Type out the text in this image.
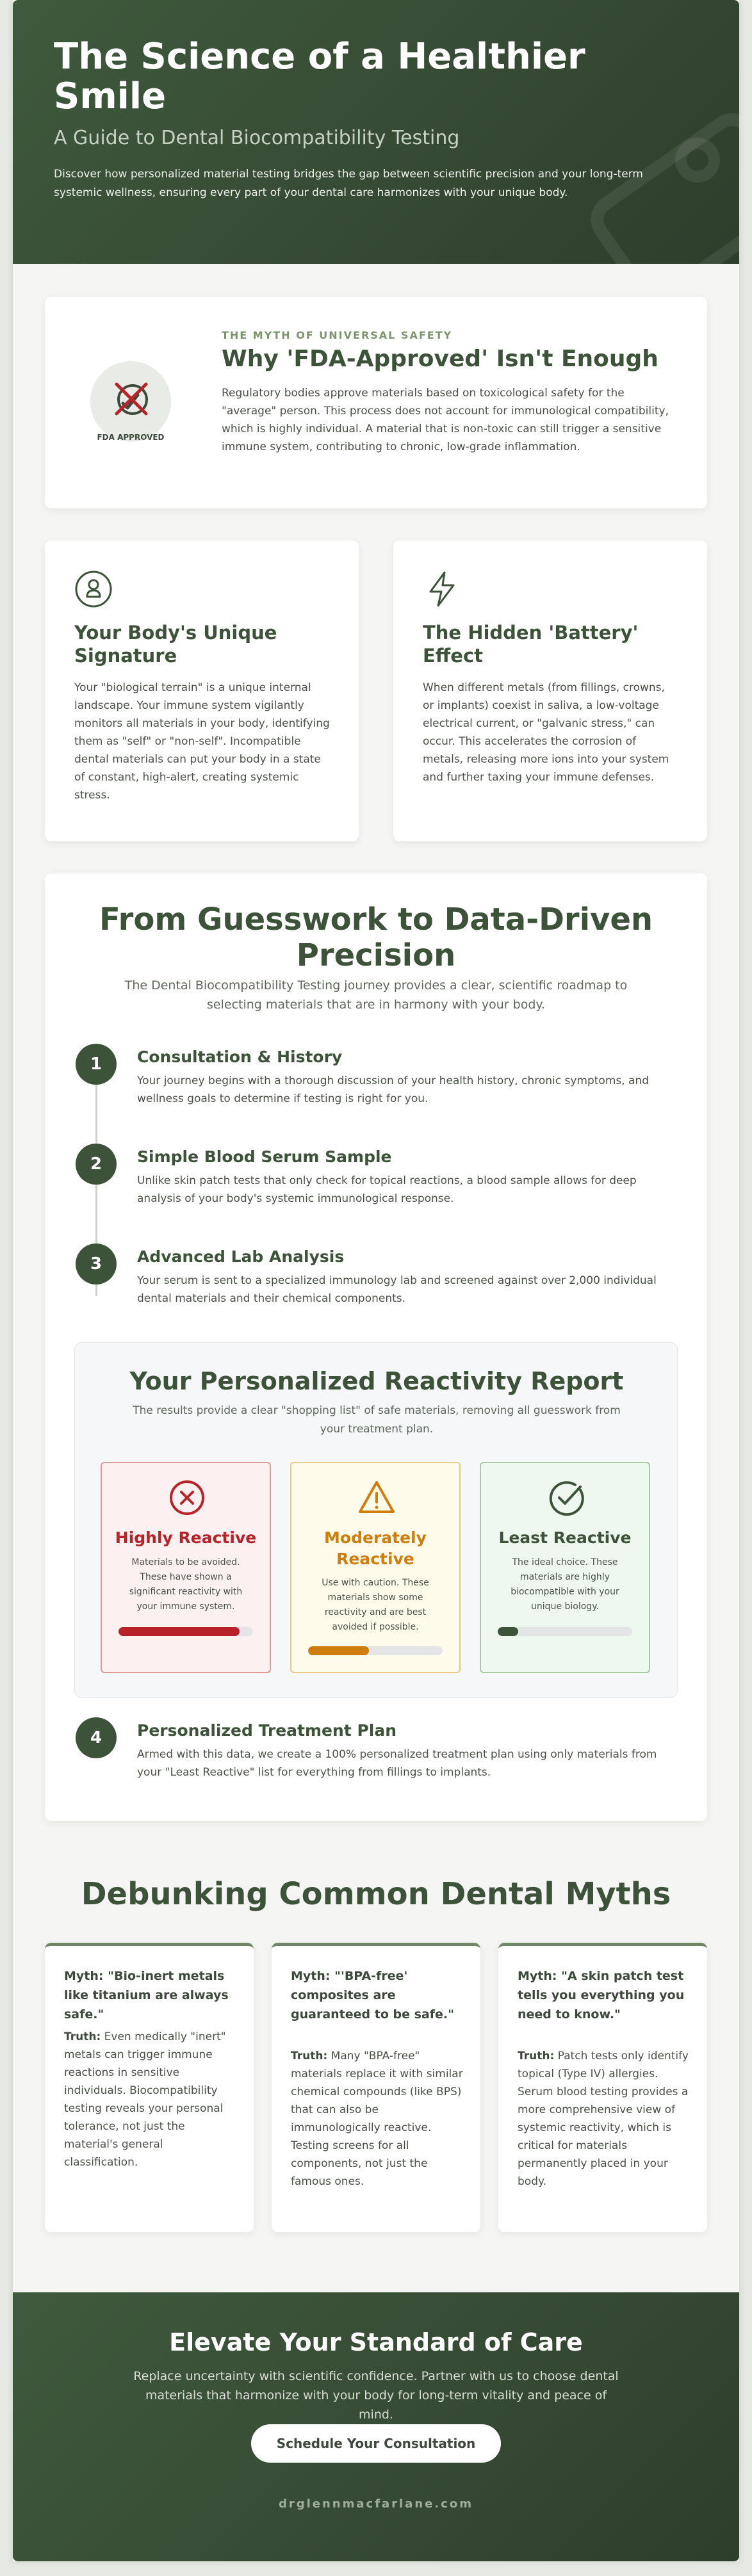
The Science of a Healthier Smile
A Guide to Dental Biocompatibility Testing

Discover how personalized material testing bridges the gap between scientific precision and your long-term systemic wellness, ensuring every part of your dental care harmonizes with your unique body.

FDA APPROVED
THE MYTH OF UNIVERSAL SAFETY
Why 'FDA-Approved' Isn't Enough

Regulatory bodies approve materials based on toxicological safety for the "average" person. This process does not account for immunological compatibility, which is highly individual. A material that is non-toxic can still trigger a sensitive immune system, contributing to chronic, low-grade inflammation.

Your Body's Unique Signature

Your "biological terrain" is a unique internal landscape. Your immune system vigilantly monitors all materials in your body, identifying them as "self" or "non-self". Incompatible dental materials can put your body in a state of constant, high-alert, creating systemic stress.

The Hidden 'Battery' Effect

When different metals (from fillings, crowns, or implants) coexist in saliva, a low-voltage electrical current, or "galvanic stress," can occur. This accelerates the corrosion of metals, releasing more ions into your system and further taxing your immune defenses.

From Guesswork to Data-Driven Precision

The Dental Biocompatibility Testing journey provides a clear, scientific roadmap to selecting materials that are in harmony with your body.

1	Consultation & History

Your journey begins with a thorough discussion of your health history, chronic symptoms, and wellness goals to determine if testing is right for you.

2	Simple Blood Serum Sample

Unlike skin patch tests that only check for topical reactions, a blood sample allows for deep analysis of your body's systemic immunological response.

3	Advanced Lab Analysis

Your serum is sent to a specialized immunology lab and screened against over 2,000 individual dental materials and their chemical components.

Your Personalized Reactivity Report

The results provide a clear "shopping list" of safe materials, removing all guesswork from your treatment plan.

Highly Reactive

Materials to be avoided. These have shown a significant reactivity with your immune system.

Moderately Reactive

Use with caution. These materials show some reactivity and are best avoided if possible.

Least Reactive

The ideal choice. These materials are highly biocompatible with your unique biology.

4	Personalized Treatment Plan

Armed with this data, we create a 100% personalized treatment plan using only materials from your "Least Reactive" list for everything from fillings to implants.

Debunking Common Dental Myths
Myth: "Bio-inert metals like titanium are always safe."

Truth: Even medically "inert" metals can trigger immune reactions in sensitive individuals. Biocompatibility testing reveals your personal tolerance, not just the material's general classification.

Myth: "'BPA-free' composites are guaranteed to be safe."

Truth: Many "BPA-free" materials replace it with similar chemical compounds (like BPS) that can also be immunologically reactive. Testing screens for all components, not just the famous ones.

Myth: "A skin patch test tells you everything you need to know."

Truth: Patch tests only identify topical (Type IV) allergies. Serum blood testing provides a more comprehensive view of systemic reactivity, which is critical for materials permanently placed in your body.

Elevate Your Standard of Care

Replace uncertainty with scientific confidence. Partner with us to choose dental materials that harmonize with your body for long-term vitality and peace of mind.

Schedule Your Consultation
drglennmacfarlane.com
